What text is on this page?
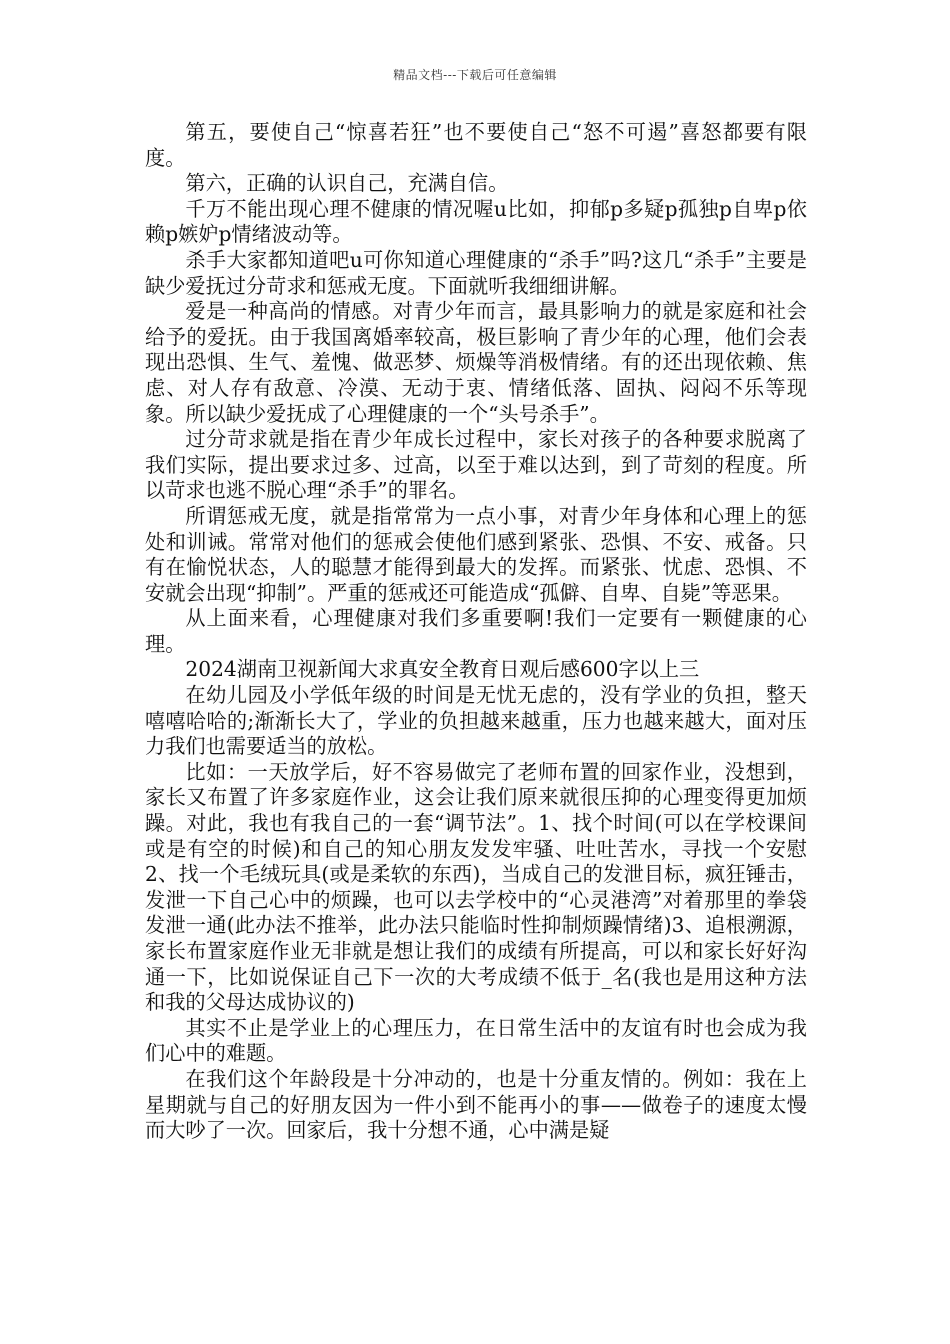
精品文档---下载后可任意编辑

第五，要使自己“惊喜若狂”也不要使自己“怒不可遏”喜怒都要有限度。

第六，正确的认识自己，充满自信。

千万不能出现心理不健康的情况喔u比如，抑郁p多疑p孤独p自卑p依赖p嫉妒p情绪波动等。

杀手大家都知道吧u可你知道心理健康的“杀手”吗?这几“杀手”主要是缺少爱抚过分苛求和惩戒无度。下面就听我细细讲解。

爱是一种高尚的情感。对青少年而言，最具影响力的就是家庭和社会给予的爱抚。由于我国离婚率较高，极巨影响了青少年的心理，他们会表现出恐惧、生气、羞愧、做恶梦、烦燥等消极情绪。有的还出现依赖、焦虑、对人存有敌意、冷漠、无动于衷、情绪低落、固执、闷闷不乐等现象。所以缺少爱抚成了心理健康的一个“头号杀手”。

过分苛求就是指在青少年成长过程中，家长对孩子的各种要求脱离了我们实际，提出要求过多、过高，以至于难以达到，到了苛刻的程度。所以苛求也逃不脱心理“杀手”的罪名。

所谓惩戒无度，就是指常常为一点小事，对青少年身体和心理上的惩处和训诫。常常对他们的惩戒会使他们感到紧张、恐惧、不安、戒备。只有在愉悦状态，人的聪慧才能得到最大的发挥。而紧张、忧虑、恐惧、不安就会出现“抑制”。严重的惩戒还可能造成“孤僻、自卑、自毙”等恶果。

从上面来看，心理健康对我们多重要啊!我们一定要有一颗健康的心理。

2024湖南卫视新闻大求真安全教育日观后感600字以上三

在幼儿园及小学低年级的时间是无忧无虑的，没有学业的负担，整天嘻嘻哈哈的;渐渐长大了，学业的负担越来越重，压力也越来越大，面对压力我们也需要适当的放松。

比如：一天放学后，好不容易做完了老师布置的回家作业，没想到，家长又布置了许多家庭作业，这会让我们原来就很压抑的心理变得更加烦躁。对此，我也有我自己的一套“调节法”。1、找个时间(可以在学校课间或是有空的时候)和自己的知心朋友发发牢骚、吐吐苦水，寻找一个安慰2、找一个毛绒玩具(或是柔软的东西)，当成自己的发泄目标，疯狂锤击，发泄一下自己心中的烦躁，也可以去学校中的“心灵港湾”对着那里的拳袋发泄一通(此办法不推举，此办法只能临时性抑制烦躁情绪)3、追根溯源，家长布置家庭作业无非就是想让我们的成绩有所提高，可以和家长好好沟通一下，比如说保证自己下一次的大考成绩不低于_名(我也是用这种方法和我的父母达成协议的)

其实不止是学业上的心理压力，在日常生活中的友谊有时也会成为我们心中的难题。

在我们这个年龄段是十分冲动的，也是十分重友情的。例如：我在上星期就与自己的好朋友因为一件小到不能再小的事——做卷子的速度太慢而大吵了一次。回家后，我十分想不通，心中满是疑
